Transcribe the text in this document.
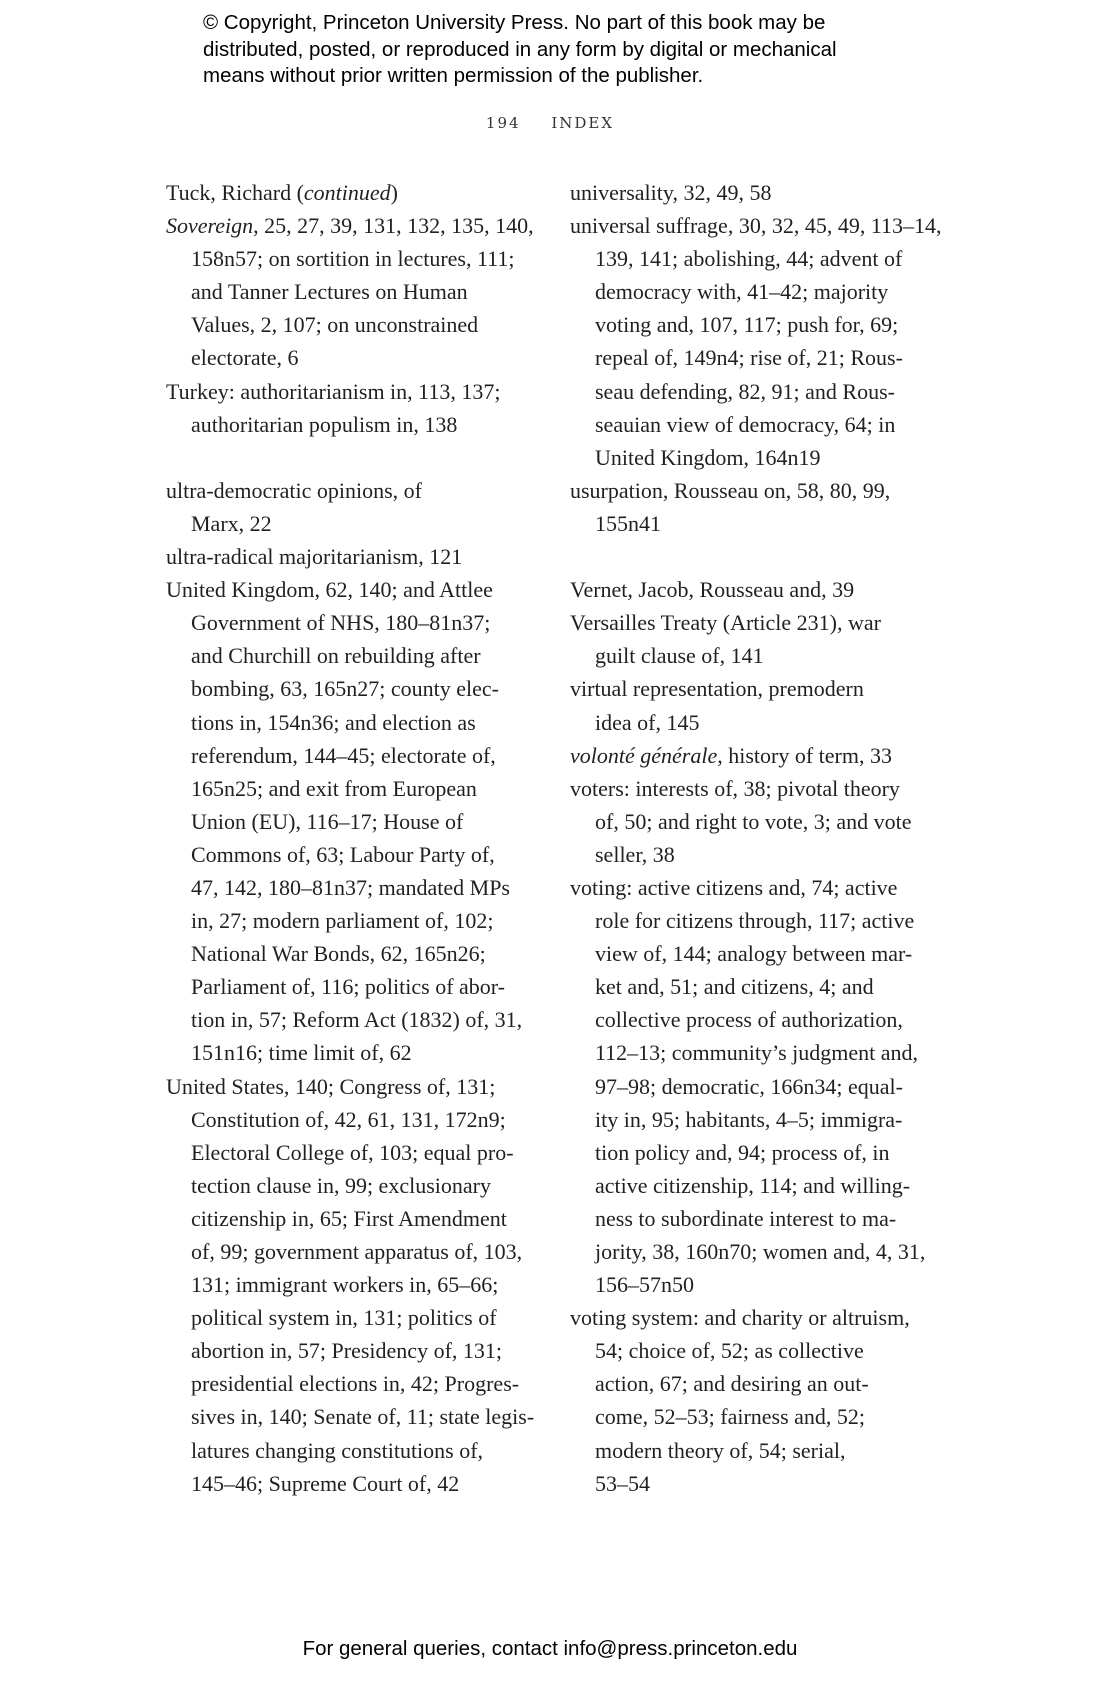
© Copyright, Princeton University Press. No part of this book may be
distributed, posted, or reproduced in any form by digital or mechanical
means without prior written permission of the publisher.
194 INDEX
Tuck, Richard (continued)
Sovereign, 25, 27, 39, 131, 132, 135, 140,
158n57; on sortition in lectures, 111;
and Tanner Lectures on Human
Values, 2, 107; on unconstrained
electorate, 6
Turkey: authoritarianism in, 113, 137;
authoritarian populism in, 138
ultra-democratic opinions, of
Marx, 22
ultra-radical majoritarianism, 121
United Kingdom, 62, 140; and Attlee
Government of NHS, 180–81n37;
and Churchill on rebuilding after
bombing, 63, 165n27; county elec-
tions in, 154n36; and election as
referendum, 144–45; electorate of,
165n25; and exit from European
Union (EU), 116–17; House of
Commons of, 63; Labour Party of,
47, 142, 180–81n37; mandated MPs
in, 27; modern parliament of, 102;
National War Bonds, 62, 165n26;
Parliament of, 116; politics of abor-
tion in, 57; Reform Act (1832) of, 31,
151n16; time limit of, 62
United States, 140; Congress of, 131;
Constitution of, 42, 61, 131, 172n9;
Electoral College of, 103; equal pro-
tection clause in, 99; exclusionary
citizenship in, 65; First Amendment
of, 99; government apparatus of, 103,
131; immigrant workers in, 65–66;
political system in, 131; politics of
abortion in, 57; Presidency of, 131;
presidential elections in, 42; Progres-
sives in, 140; Senate of, 11; state legis-
latures changing constitutions of,
145–46; Supreme Court of, 42
universality, 32, 49, 58
universal suffrage, 30, 32, 45, 49, 113–14,
139, 141; abolishing, 44; advent of
democracy with, 41–42; majority
voting and, 107, 117; push for, 69;
repeal of, 149n4; rise of, 21; Rous-
seau defending, 82, 91; and Rous-
seauian view of democracy, 64; in
United Kingdom, 164n19
usurpation, Rousseau on, 58, 80, 99,
155n41
Vernet, Jacob, Rousseau and, 39
Versailles Treaty (Article 231), war
guilt clause of, 141
virtual representation, premodern
idea of, 145
volonté générale, history of term, 33
voters: interests of, 38; pivotal theory
of, 50; and right to vote, 3; and vote
seller, 38
voting: active citizens and, 74; active
role for citizens through, 117; active
view of, 144; analogy between mar-
ket and, 51; and citizens, 4; and
collective process of authorization,
112–13; community’s judgment and,
97–98; democratic, 166n34; equal-
ity in, 95; habitants, 4–5; immigra-
tion policy and, 94; process of, in
active citizenship, 114; and willing-
ness to subordinate interest to ma-
jority, 38, 160n70; women and, 4, 31,
156–57n50
voting system: and charity or altruism,
54; choice of, 52; as collective
action, 67; and desiring an out-
come, 52–53; fairness and, 52;
modern theory of, 54; serial,
53–54
For general queries, contact info@press.princeton.edu
